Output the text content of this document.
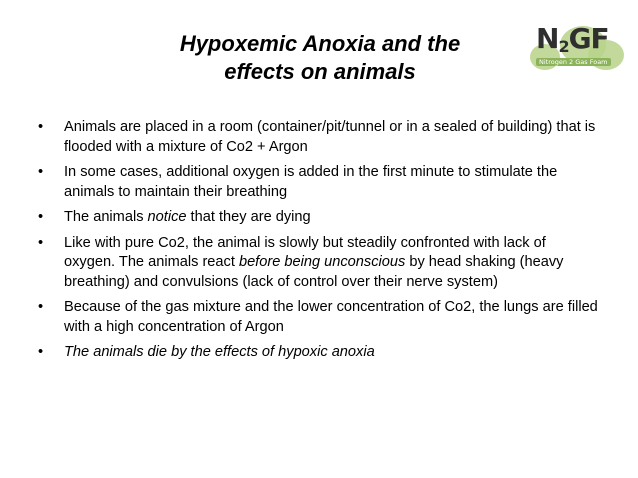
Hypoxemic Anoxia and the
effects on animals
N2GF
Nitrogen 2 Gas Foam
• Animals are placed in a room (container/pit/tunnel or in a sealed of building) that is flooded with a mixture of Co2 + Argon
• In some cases, additional oxygen is added in the first minute to stimulate the animals to maintain their breathing
• The animals notice that they are dying
• Like with pure Co2, the animal is slowly but steadily confronted with lack of oxygen. The animals react before being unconscious by head shaking (heavy breathing) and convulsions (lack of control over their nerve system)
• Because of the gas mixture and the lower concentration of Co2, the lungs are filled with a high concentration of Argon
• The animals die by the effects of hypoxic anoxia
